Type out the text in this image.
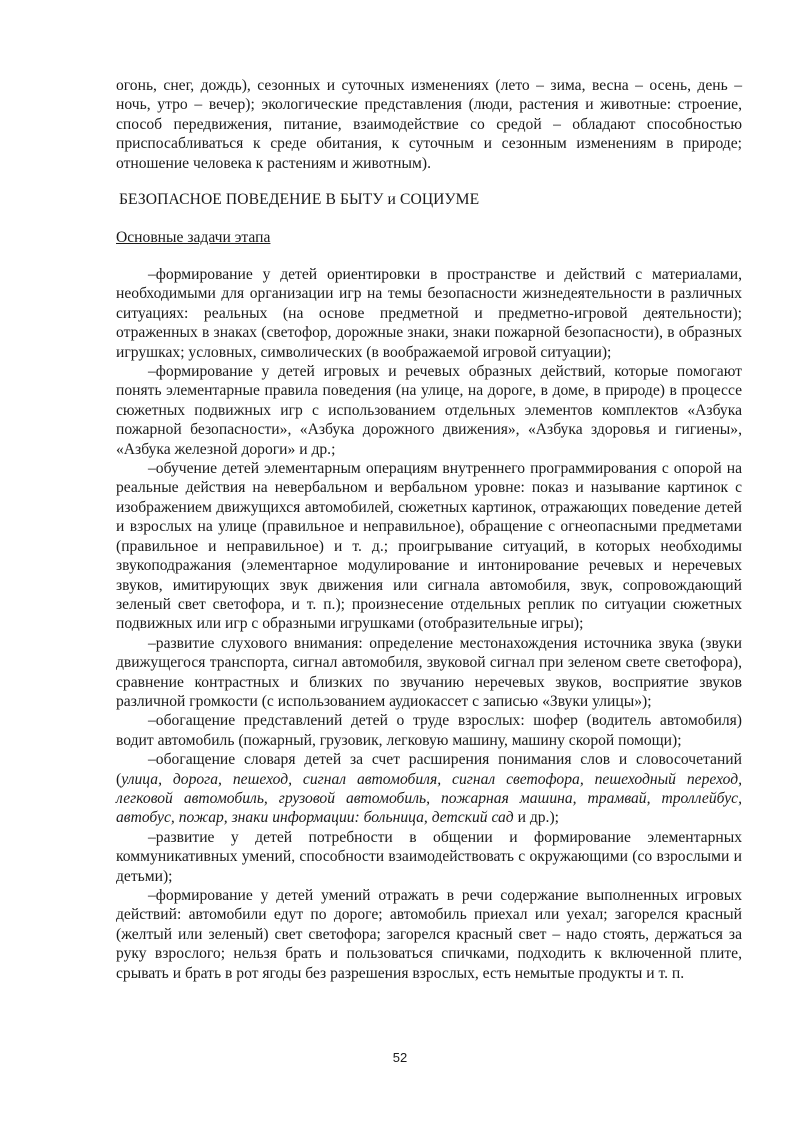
огонь, снег, дождь), сезонных и суточных изменениях (лето – зима, весна – осень, день – ночь, утро – вечер); экологические представления (люди, растения и животные: строение, способ передвижения, питание, взаимодействие со средой – обладают способностью приспосабливаться к среде обитания, к суточным и сезонным изменениям в природе; отношение человека к растениям и животным).

БЕЗОПАСНОЕ ПОВЕДЕНИЕ В БЫТУ и СОЦИУМЕ
Основные задачи этапа

–формирование у детей ориентировки в пространстве и действий с материалами, необходимыми для организации игр на темы безопасности жизнедеятельности в различных ситуациях: реальных (на основе предметной и предметно-игровой деятельности); отраженных в знаках (светофор, дорожные знаки, знаки пожарной безопасности), в образных игрушках; условных, символических (в воображаемой игровой ситуации);

–формирование у детей игровых и речевых образных действий, которые помогают понять элементарные правила поведения (на улице, на дороге, в доме, в природе) в процессе сюжетных подвижных игр с использованием отдельных элементов комплектов «Азбука пожарной безопасности», «Азбука дорожного движения», «Азбука здоровья и гигиены», «Азбука железной дороги» и др.;

–обучение детей элементарным операциям внутреннего программирования с опорой на реальные действия на невербальном и вербальном уровне: показ и называние картинок с изображением движущихся автомобилей, сюжетных картинок, отражающих поведение детей и взрослых на улице (правильное и неправильное), обращение с огнеопасными предметами (правильное и неправильное) и т. д.; проигрывание ситуаций, в которых необходимы звукоподражания (элементарное модулирование и интонирование речевых и неречевых звуков, имитирующих звук движения или сигнала автомобиля, звук, сопровождающий зеленый свет светофора, и т. п.); произнесение отдельных реплик по ситуации сюжетных подвижных или игр с образными игрушками (отобразительные игры);

–развитие слухового внимания: определение местонахождения источника звука (звуки движущегося транспорта, сигнал автомобиля, звуковой сигнал при зеленом свете светофора), сравнение контрастных и близких по звучанию неречевых звуков, восприятие звуков различной громкости (с использованием аудиокассет с записью «Звуки улицы»);

–обогащение представлений детей о труде взрослых: шофер (водитель автомобиля) водит автомобиль (пожарный, грузовик, легковую машину, машину скорой помощи);

–обогащение словаря детей за счет расширения понимания слов и словосочетаний (улица, дорога, пешеход, сигнал автомобиля, сигнал светофора, пешеходный переход, легковой автомобиль, грузовой автомобиль, пожарная машина, трамвай, троллейбус, автобус, пожар, знаки информации: больница, детский сад и др.);

–развитие у детей потребности в общении и формирование элементарных коммуникативных умений, способности взаимодействовать с окружающими (со взрослыми и детьми);

–формирование у детей умений отражать в речи содержание выполненных игровых действий: автомобили едут по дороге; автомобиль приехал или уехал; загорелся красный (желтый или зеленый) свет светофора; загорелся красный свет – надо стоять, держаться за руку взрослого; нельзя брать и пользоваться спичками, подходить к включенной плите, срывать и брать в рот ягоды без разрешения взрослых, есть немытые продукты и т. п.

52
